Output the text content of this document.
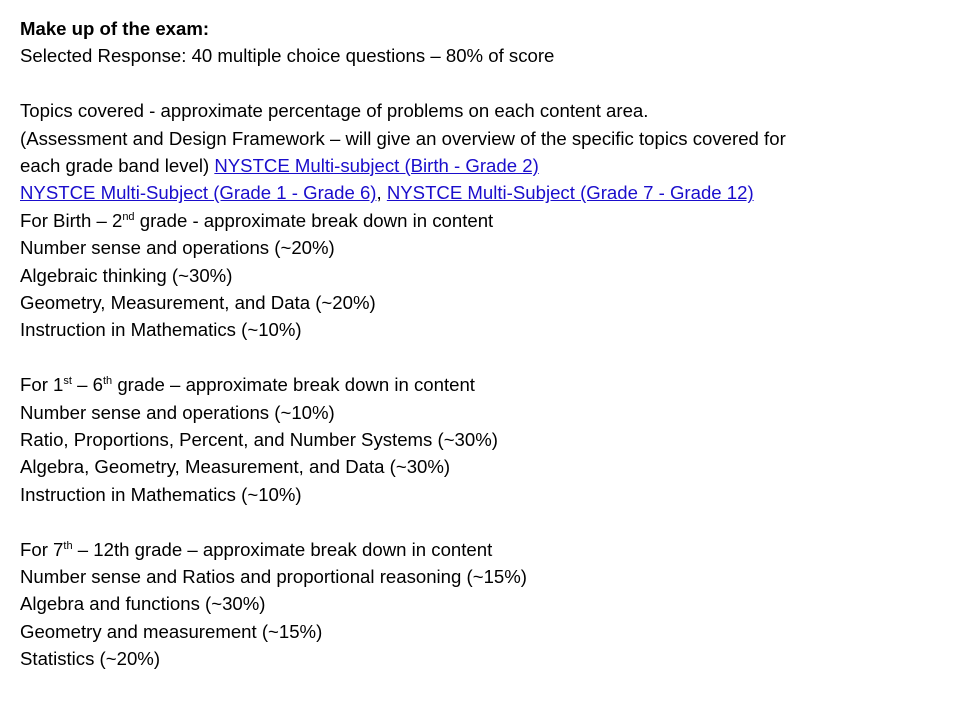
Make up of the exam:
Selected Response: 40 multiple choice questions – 80% of score
Topics covered - approximate percentage of problems on each content area.
(Assessment and Design Framework – will give an overview of the specific topics covered for
each grade band level) NYSTCE Multi-subject (Birth - Grade 2)
NYSTCE Multi-Subject (Grade 1 - Grade 6), NYSTCE Multi-Subject (Grade 7 - Grade 12)
For Birth – 2nd grade - approximate break down in content
Number sense and operations (~20%)
Algebraic thinking (~30%)
Geometry, Measurement, and Data (~20%)
Instruction in Mathematics (~10%)
For 1st – 6th grade – approximate break down in content
Number sense and operations (~10%)
Ratio, Proportions, Percent, and Number Systems (~30%)
Algebra, Geometry, Measurement, and Data (~30%)
Instruction in Mathematics (~10%)
For 7th – 12th grade – approximate break down in content
Number sense and Ratios and proportional reasoning (~15%)
Algebra and functions (~30%)
Geometry and measurement (~15%)
Statistics (~20%)
